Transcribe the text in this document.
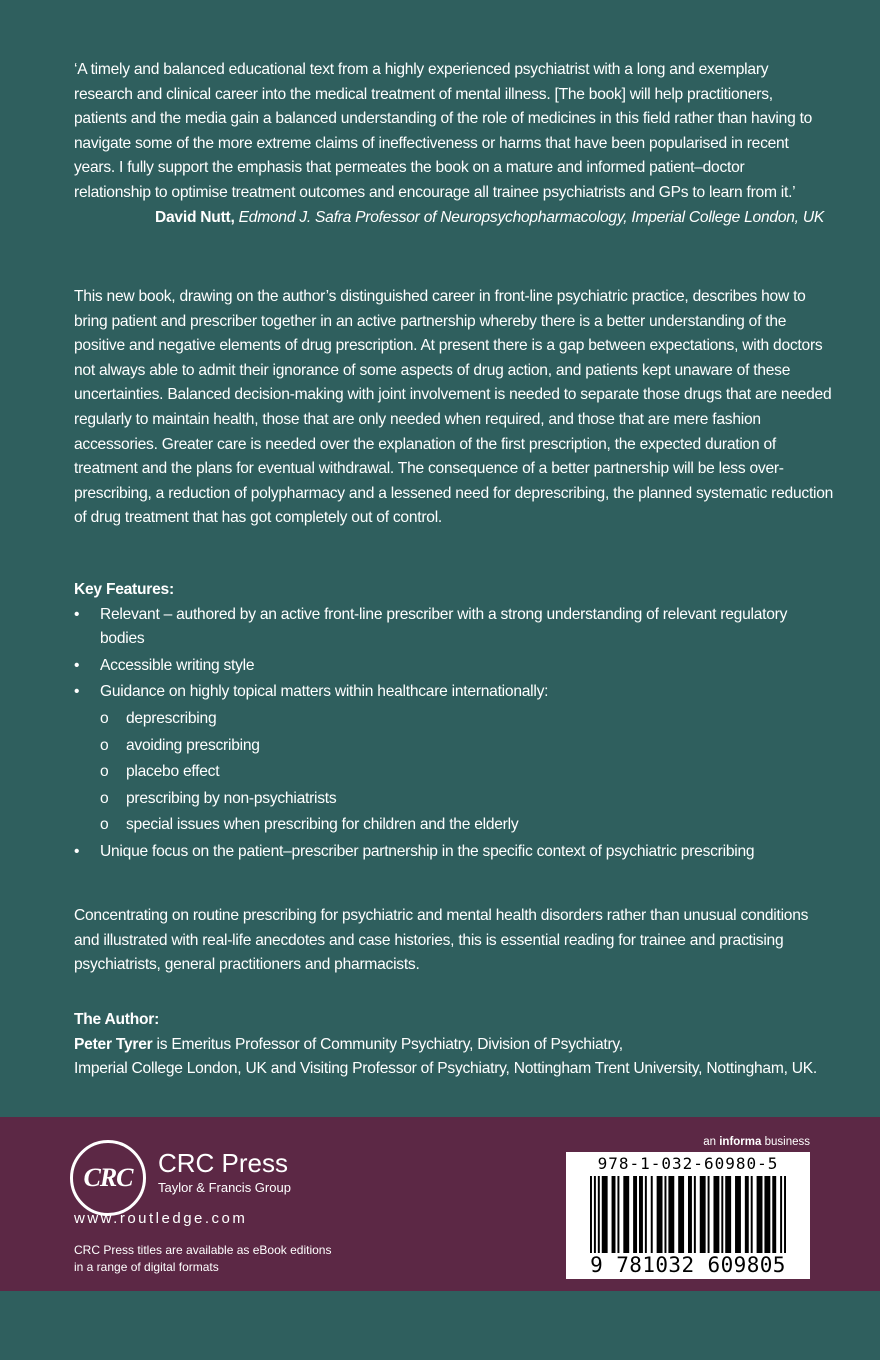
‘A timely and balanced educational text from a highly experienced psychiatrist with a long and exemplary research and clinical career into the medical treatment of mental illness. [The book] will help practitioners, patients and the media gain a balanced understanding of the role of medicines in this field rather than having to navigate some of the more extreme claims of ineffectiveness or harms that have been popularised in recent years. I fully support the emphasis that permeates the book on a mature and informed patient–doctor relationship to optimise treatment outcomes and encourage all trainee psychiatrists and GPs to learn from it.’

David Nutt, Edmond J. Safra Professor of Neuropsychopharmacology, Imperial College London, UK

This new book, drawing on the author’s distinguished career in front-line psychiatric practice, describes how to bring patient and prescriber together in an active partnership whereby there is a better understanding of the positive and negative elements of drug prescription. At present there is a gap between expectations, with doctors not always able to admit their ignorance of some aspects of drug action, and patients kept unaware of these uncertainties. Balanced decision-making with joint involvement is needed to separate those drugs that are needed regularly to maintain health, those that are only needed when required, and those that are mere fashion accessories. Greater care is needed over the explanation of the first prescription, the expected duration of treatment and the plans for eventual withdrawal. The consequence of a better partnership will be less over-prescribing, a reduction of polypharmacy and a lessened need for deprescribing, the planned systematic reduction of drug treatment that has got completely out of control.

Key Features:
• Relevant – authored by an active front-line prescriber with a strong understanding of relevant regulatory bodies
• Accessible writing style
• Guidance on highly topical matters within healthcare internationally:
o deprescribing
o avoiding prescribing
o placebo effect
o prescribing by non-psychiatrists
o special issues when prescribing for children and the elderly
• Unique focus on the patient–prescriber partnership in the specific context of psychiatric prescribing

Concentrating on routine prescribing for psychiatric and mental health disorders rather than unusual conditions and illustrated with real-life anecdotes and case histories, this is essential reading for trainee and practising psychiatrists, general practitioners and pharmacists.

The Author:

Peter Tyrer is Emeritus Professor of Community Psychiatry, Division of Psychiatry,

Imperial College London, UK and Visiting Professor of Psychiatry, Nottingham Trent University, Nottingham, UK.

CRC CRC Press
Taylor & Francis Group
www.routledge.com
CRC Press titles are available as eBook editions
in a range of digital formats
an informa business
978-1-032-60980-5
9 781032 609805
